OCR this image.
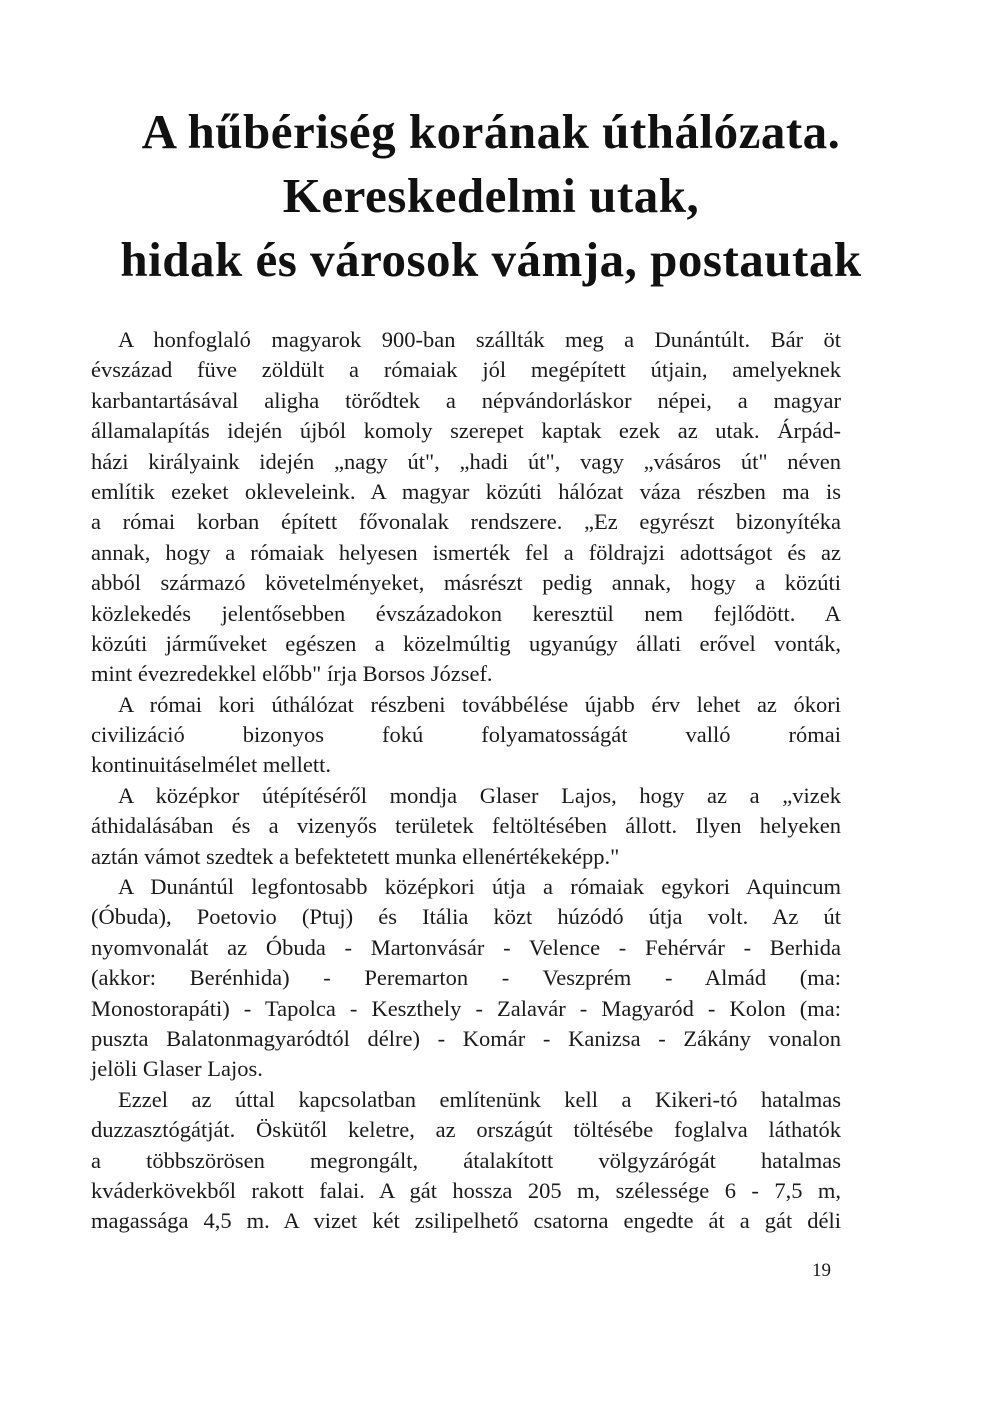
A hűbériség korának úthálózata.
Kereskedelmi utak,
hidak és városok vámja, postautak
A honfoglaló magyarok 900-ban szállták meg a Dunántúlt. Bár öt
évszázad füve zöldült a rómaiak jól megépített útjain, amelyeknek
karbantartásával aligha törődtek a népvándorláskor népei, a magyar
államalapítás idején újból komoly szerepet kaptak ezek az utak. Árpád-
házi királyaink idején „nagy út", „hadi út", vagy „vásáros út" néven
említik ezeket okleveleink. A magyar közúti hálózat váza részben ma is
a római korban épített fővonalak rendszere. „Ez egyrészt bizonyítéka
annak, hogy a rómaiak helyesen ismerték fel a földrajzi adottságot és az
abból származó követelményeket, másrészt pedig annak, hogy a közúti
közlekedés jelentősebben évszázadokon keresztül nem fejlődött. A
közúti járműveket egészen a közelmúltig ugyanúgy állati erővel vonták,
mint évezredekkel előbb" írja Borsos József.
A római kori úthálózat részbeni továbbélése újabb érv lehet az ókori
civilizáció bizonyos fokú folyamatosságát valló római
kontinuitáselmélet mellett.
A középkor útépítéséről mondja Glaser Lajos, hogy az a „vizek
áthidalásában és a vizenyős területek feltöltésében állott. Ilyen helyeken
aztán vámot szedtek a befektetett munka ellenértékeképp."
A Dunántúl legfontosabb középkori útja a rómaiak egykori Aquincum
(Óbuda), Poetovio (Ptuj) és Itália közt húzódó útja volt. Az út
nyomvonalát az Óbuda - Martonvásár - Velence - Fehérvár - Berhida
(akkor: Berénhida) - Peremarton - Veszprém - Almád (ma:
Monostorapáti) - Tapolca - Keszthely - Zalavár - Magyaród - Kolon (ma:
puszta Balatonmagyaródtól délre) - Komár - Kanizsa - Zákány vonalon
jelöli Glaser Lajos.
Ezzel az úttal kapcsolatban említenünk kell a Kikeri-tó hatalmas
duzzasztógátját. Öskütől keletre, az országút töltésébe foglalva láthatók
a többszörösen megrongált, átalakított völgyzárógát hatalmas
kváderkövekből rakott falai. A gát hossza 205 m, szélessége 6 - 7,5 m,
magassága 4,5 m. A vizet két zsilipelhető csatorna engedte át a gát déli
19
